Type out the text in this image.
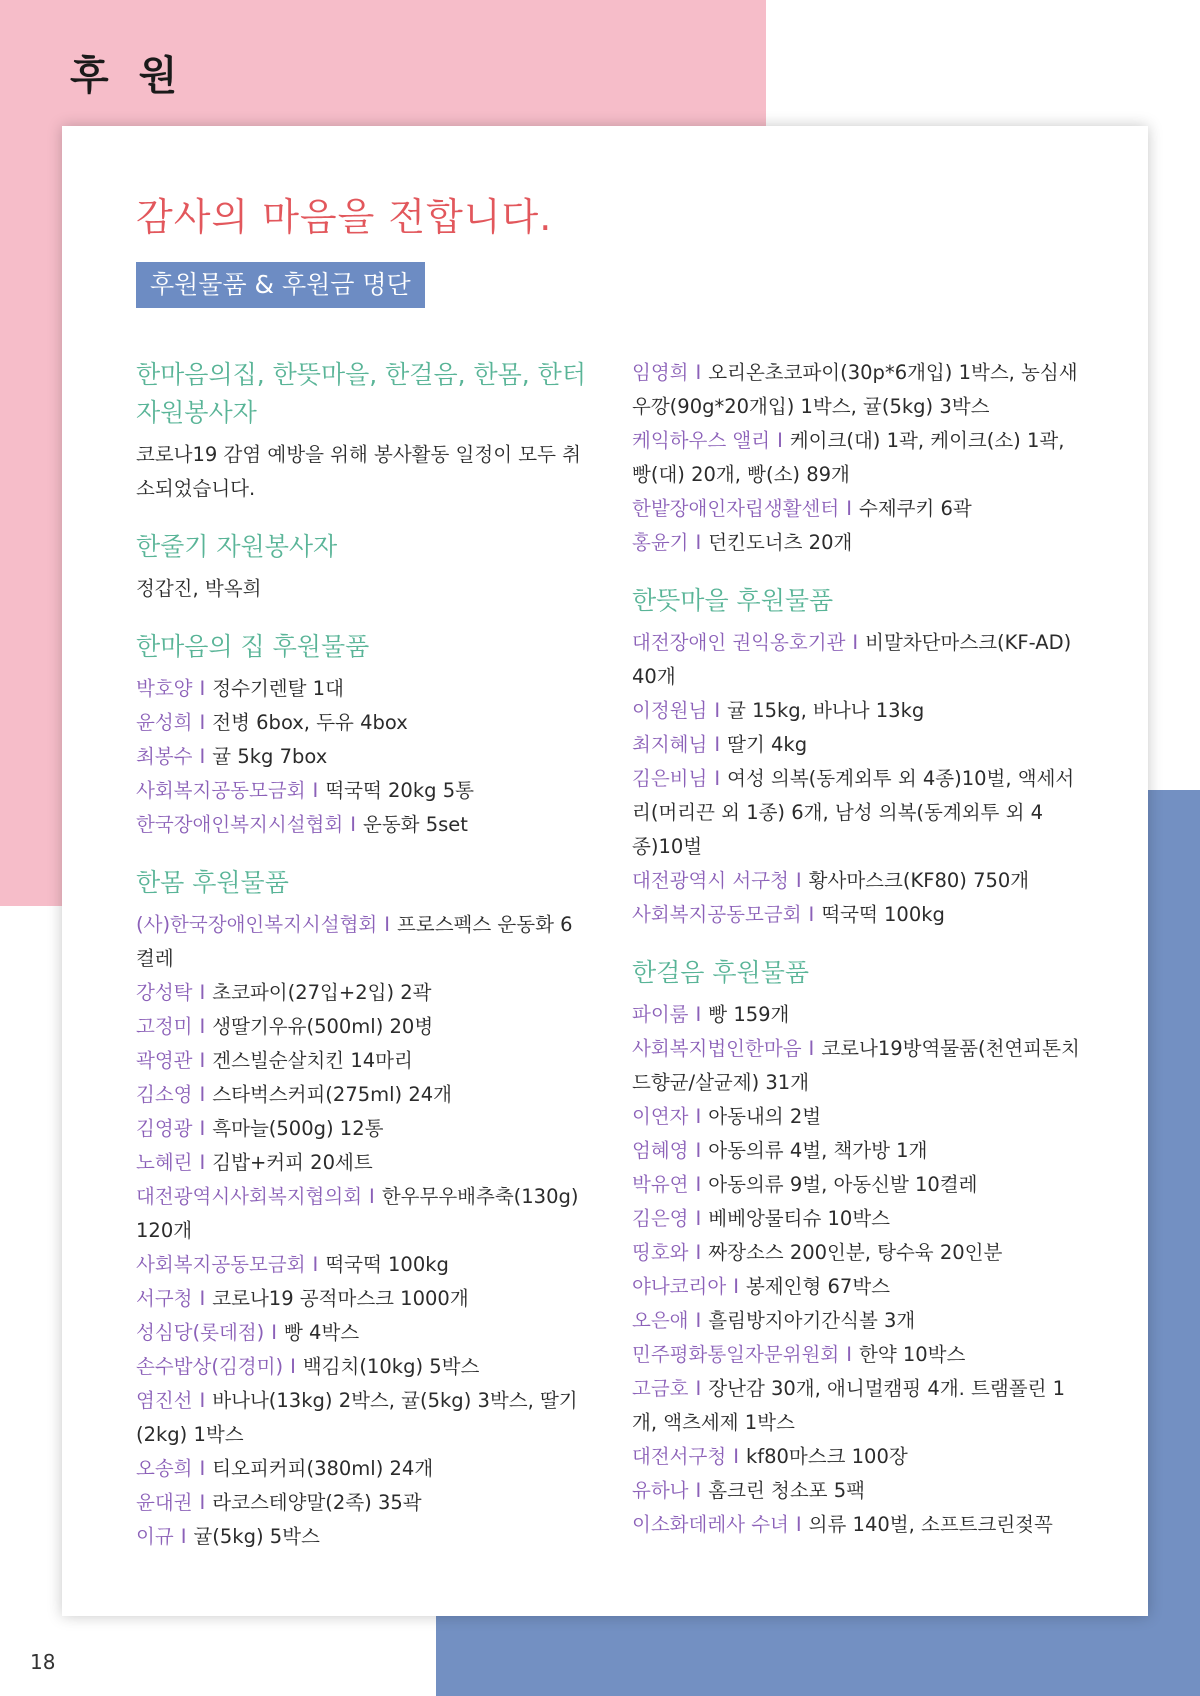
후 원
감사의 마음을 전합니다.
후원물품 & 후원금 명단
한마음의집, 한뜻마을, 한걸음, 한몸, 한터 자원봉사자
코로나19 감염 예방을 위해 봉사활동 일정이 모두 취소되었습니다.
한줄기 자원봉사자
정갑진, 박옥희
한마음의 집 후원물품
박호양 I 정수기렌탈 1대
윤성희 I 전병 6box, 두유 4box
최봉수 I 귤 5kg 7box
사회복지공동모금회 I 떡국떡 20kg 5통
한국장애인복지시설협회 I 운동화 5set
한몸 후원물품
(사)한국장애인복지시설협회 I 프로스펙스 운동화 6켤레
강성탁 I 초코파이(27입+2입) 2곽
고정미 I 생딸기우유(500ml) 20병
곽영관 I 겐스빌순살치킨 14마리
김소영 I 스타벅스커피(275ml) 24개
김영광 I 흑마늘(500g) 12통
노혜린 I 김밥+커피 20세트
대전광역시사회복지협의회 I 한우무우배추축(130g) 120개
사회복지공동모금회 I 떡국떡 100kg
서구청 I 코로나19 공적마스크 1000개
성심당(롯데점) I 빵 4박스
손수밥상(김경미) I 백김치(10kg) 5박스
염진선 I 바나나(13kg) 2박스, 귤(5kg) 3박스, 딸기(2kg) 1박스
오송희 I 티오피커피(380ml) 24개
윤대권 I 라코스테양말(2족) 35곽
이규 I 귤(5kg) 5박스
임영희 I 오리온초코파이(30p*6개입) 1박스, 농심새우깡(90g*20개입) 1박스, 귤(5kg) 3박스
케익하우스 앨리 I 케이크(대) 1곽, 케이크(소) 1곽, 빵(대) 20개, 빵(소) 89개
한밭장애인자립생활센터 I 수제쿠키 6곽
홍윤기 I 던킨도너츠 20개
한뜻마을 후원물품
대전장애인 권익옹호기관 I 비말차단마스크(KF-AD) 40개
이정원님 I 귤 15kg, 바나나 13kg
최지혜님 I 딸기 4kg
김은비님 I 여성 의복(동계외투 외 4종)10벌, 액세서리(머리끈 외 1종) 6개, 남성 의복(동계외투 외 4종)10벌
대전광역시 서구청 I 황사마스크(KF80) 750개
사회복지공동모금회 I 떡국떡 100kg
한걸음 후원물품
파이룸 I 빵 159개
사회복지법인한마음 I 코로나19방역물품(천연피톤치드향균/살균제) 31개
이연자 I 아동내의 2벌
엄혜영 I 아동의류 4벌, 책가방 1개
박유연 I 아동의류 9벌, 아동신발 10켤레
김은영 I 베베앙물티슈 10박스
띵호와 I 짜장소스 200인분, 탕수육 20인분
야나코리아 I 봉제인형 67박스
오은애 I 흘림방지아기간식볼 3개
민주평화통일자문위원회 I 한약 10박스
고금호 I 장난감 30개, 애니멀캠핑 4개. 트램폴린 1개, 액츠세제 1박스
대전서구청 I kf80마스크 100장
유하나 I 홈크린 청소포 5팩
이소화데레사 수녀 I 의류 140벌, 소프트크린젖꼭
18
